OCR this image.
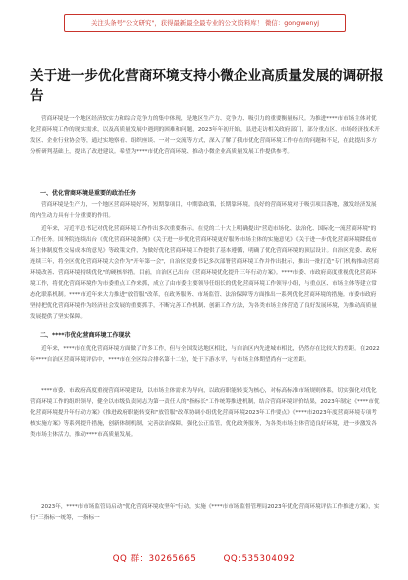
关注头条号"公文研究"，获得最新最全最专业的公文资料库！ 微信：gongwenyj
关于进一步优化营商环境支持小微企业高质量发展的调研报告

营商环境是一个地区经济软实力和综合竞争力的集中体现，是地区生产力、竞争力、吸引力的重要衡量标尺。为推进****市市场主体对优化营商环境工作的现实需求，以及高质量发展中遇到的困难和问题，2023年年初开始，县进走访相关政府部门，部分重点区、市场经济技术开发区、企业行业协会等，通过实地察看、组织座谈、一对一交流等方式，深入了解了我市优化营商环境工作存在的问题和不足，在此提出多方分析研判基础上，提出了改进建议。希望为****市优化营商环境、推动小微企业高质量发展工作提供参考。

一、优化营商环境是重要的政治任务

营商环境是生产力，一个地区营商环境好坏，短期靠项目，中期靠政策，长期靠环境。良好的营商环境对于吸引项目落地，激发经济发展的内生动力具有十分重要的作用。

近年来，习近平总书记对优化营商环境工作作出多次重要指示。在党的二十大上明确提出"营造市场化、法治化、国际化一流营商环境"的工作任务。国务院连续出台《优化营商环境条例》《关于进一步优化营商环境更好服务市场主体的实施意见》《关于进一步优化营商环境降低市场主体制度性交易成本的意见》等政策文件，为做好优化营商环境工作提供了基本遵循，明确了优化营商环境的顶层设计。自治区党委、政府连续三年，将全区优化营商环境大会作为"开年第一会"，自治区党委书记多次部署营商环境工作并作出批示，推出一批打造"专门机构推动营商环境改善、营商环境持续优化"的硬核举措。目前，自治区已出台《营商环境优化提升三年行动方案》。****市委、市政府高度重视优化营商环境工作，将优化营商环境作为市委重点工作来抓，成立了由市委主要领导任组长的优化营商环境工作领导小组，与重点区、市场主体等建立常态化联系机制。****市近年来大力推进"放管服"改革，在政务服务、市场监管、法治保障等方面推出一系列优化营商环境的措施。市委市政府坚持把优化营商环境作为经济社会发展的重要抓手，不断完善工作机制、创新工作方法，为各类市场主体营造了良好发展环境，为推动高质量发展提供了坚实保障。

二、****市优化营商环境工作现状

近年来，****市在优化营商环境方面做了许多工作，但与全国发达地区相比，与自治区内先进城市相比，仍然存在比较大的差距。在2022年****自治区营商环境评估中，****市在全区综合排名第十二位，处于下游水平，与市场主体期望尚有一定差距。

****市委、市政府高度重视营商环境建设，以市场主体需求为导向，以政府职能转变为核心，对标高标准市场规则体系，切实强化对优化营商环境工作的组织领导，健全以市级负责同志为第一责任人的"指标长"工作统筹推进机制，结合营商环境评价结果，2023年制定《****市优化营商环境提升年行动方案》《推进政府职能转变和"放管服"改革协调小组优化营商环境2023年工作要点》《****市2023年度营商环境专项考核实施方案》等系列提升措施，创新体制机制，完善法治保障，强化公正监管，优化政务服务，为各类市场主体营造良好环境，进一步激发各类市场主体活力，推动****市高质量发展。

2023年，****市市场监管局启动"优化营商环境攻坚年"行动，实施《****市市场监督管理局2023年优化营商环境评估工作推进方案》，实行"三指标一统筹，一指标一

QQ 群：30265665	QQ:535304092
